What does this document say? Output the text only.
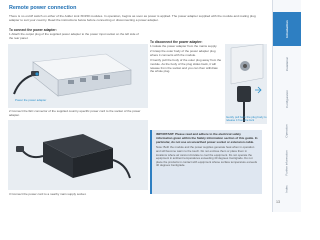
Remote power connection
There is no on/off switch on either of the Adder Link XD150 modules. In operation, begins as soon as power is applied. The power adapter supplied with the module and mating plug adapter to suit your country. Read the instructions below before connecting or disconnecting a power adapter.
To connect the power adapter:
1 Attach the output plug of the supplied power adapter to the power input socket on the left side of the rear panel.
Power the power adapter
2 Connect the IEC connector of the supplied country-specific power cord to the socket of the power adapter.
3 Connect the power cord to a nearby main supply socket.
To disconnect the power adapter:
1 Isolate the power adapter from the mains supply.
2 Grasp the outer body of the power adapter plug where it connects with the module.
3 Gently pull the body of the outer plug away from the module. As the body of the plug slides back, it will release from the socket and you can then withdraw the whole plug.
Gently pull back the plug body to release it from the lock
IMPORTANT: Please read and adhere to the electrical safety information given within the Safety information section of this guide. In particular, do not use an unearthed power socket or extension cable.
Note: Both the module and the power supplies generate heat when in operation and will become warm to the touch. Do not enclose them or place them in locations where air cannot circulate to cool the equipment. Do not operate the equipment in ambient temperatures exceeding 40 degrees Centigrade. Do not place the products in contact with equipment whose surface temperature exceeds 40 degrees Centigrade.
Introduction
Installation
Configuration
Operation
Further information
Index
13
